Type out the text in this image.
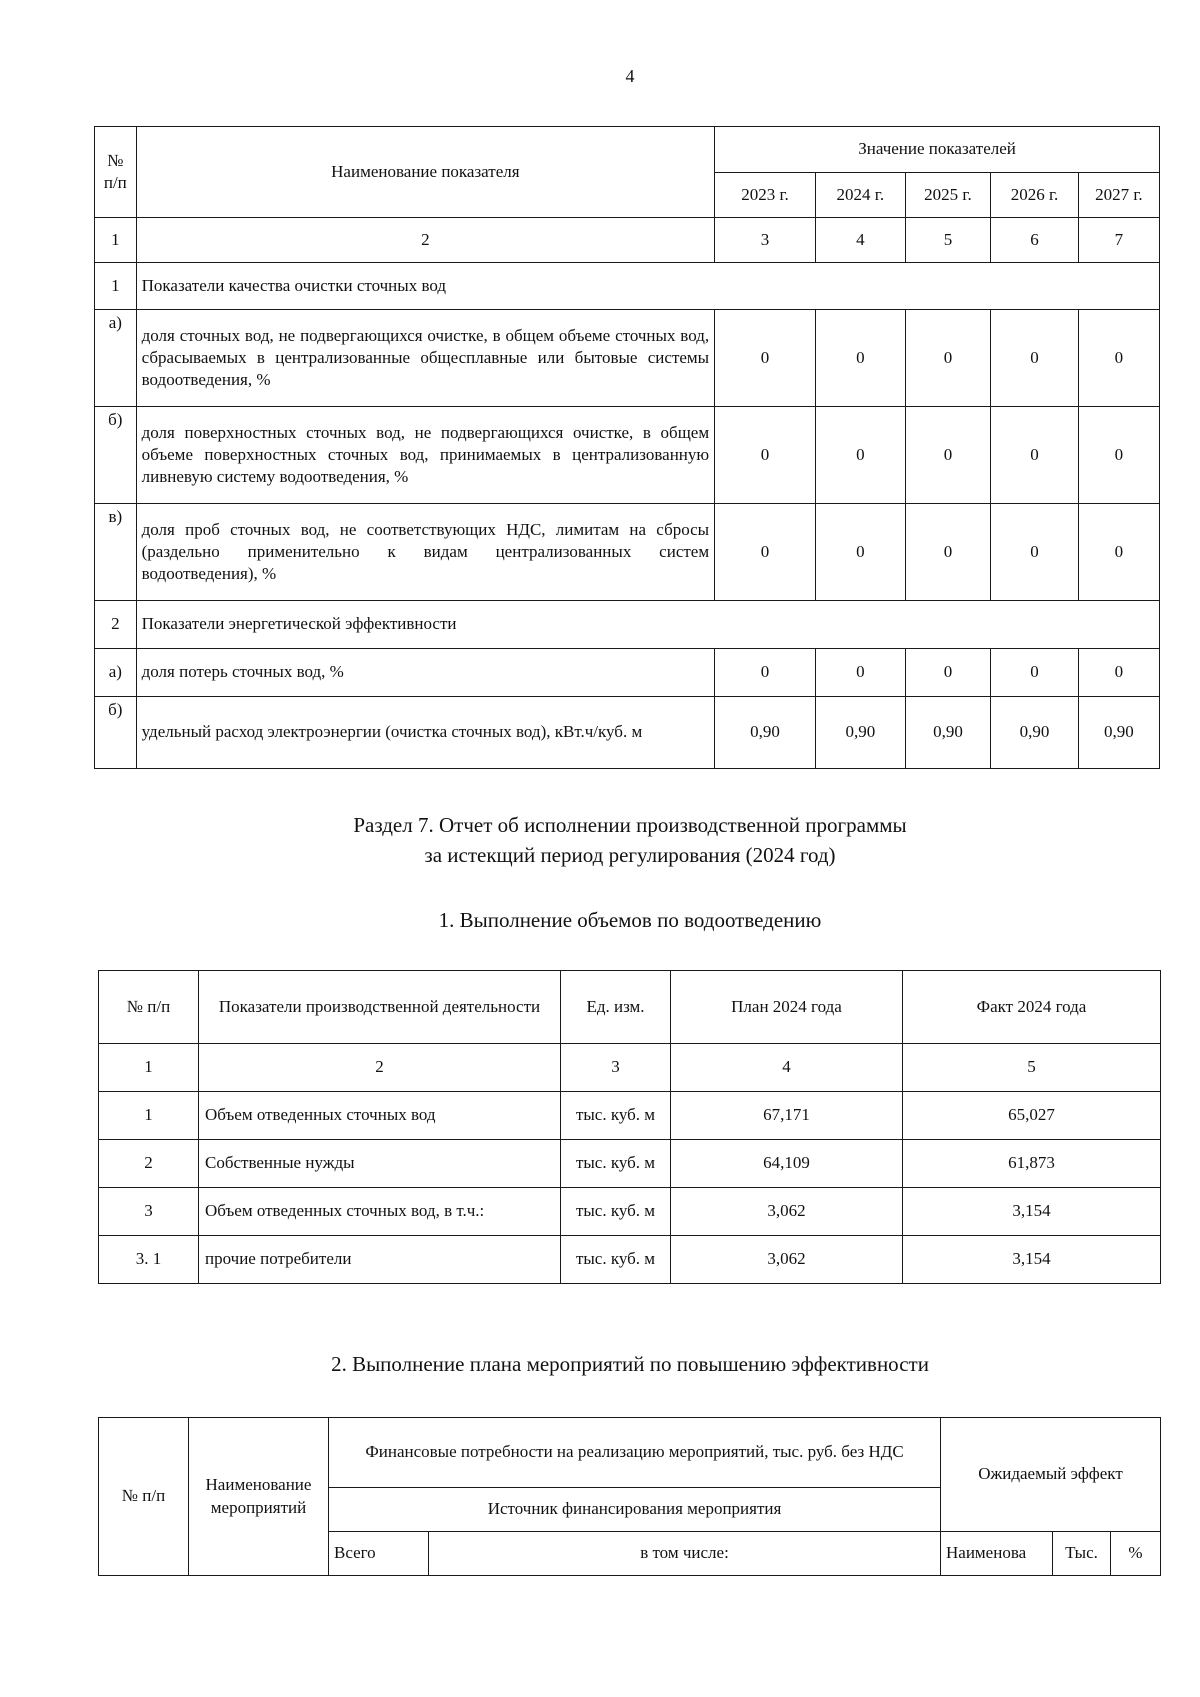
4
№ п/п	Наименование показателя	Значение показателей				
		2023 г.	2024 г.	2025 г.	2026 г.	2027 г.
1	2	3	4	5	6	7
1	Показатели качества очистки сточных вод					
а)	доля сточных вод, не подвергающихся очистке, в общем объеме сточных вод, сбрасываемых в централизованные общесплавные или бытовые системы водоотведения, %	0	0	0	0	0
б)	доля поверхностных сточных вод, не подвергающихся очистке, в общем объеме поверхностных сточных вод, принимаемых в централизованную ливневую систему водоотведения, %	0	0	0	0	0
в)	доля проб сточных вод, не соответствующих НДС, лимитам на сбросы (раздельно применительно к видам централизованных систем водоотведения), %	0	0	0	0	0
2	Показатели энергетической эффективности					
а)	доля потерь сточных вод, %	0	0	0	0	0
б)	удельный расход электроэнергии (очистка сточных вод), кВт.ч/куб. м	0,90	0,90	0,90	0,90	0,90
Раздел 7. Отчет об исполнении производственной программы
за истекщий период регулирования (2024 год)
1. Выполнение объемов по водоотведению
№ п/п	Показатели производственной деятельности	Ед. изм.	План 2024 года	Факт 2024 года
1	2	3	4	5
1	Объем отведенных сточных вод	тыс. куб. м	67,171	65,027
2	Собственные нужды	тыс. куб. м	64,109	61,873
3	Объем отведенных сточных вод, в т.ч.:	тыс. куб. м	3,062	3,154
3. 1	прочие потребители	тыс. куб. м	3,062	3,154
2. Выполнение плана мероприятий по повышению эффективности
№ п/п	Наименование мероприятий	Финансовые потребности на реализацию мероприятий, тыс. руб. без НДС		Ожидаемый эффект		
		Источник финансирования мероприятия				
		Всего	в том числе:	Наименова	Тыс.	%
